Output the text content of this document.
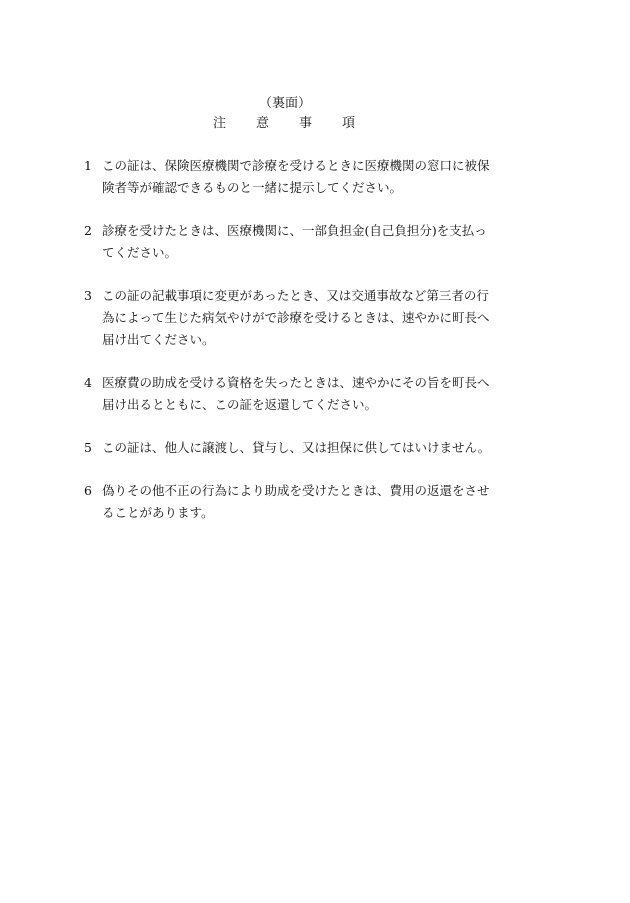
（裏面）
注 意 事 項
1 この証は、保険医療機関で診療を受けるときに医療機関の窓口に被保険者等が確認できるものと一緒に提示してください。
2 診療を受けたときは、医療機関に、一部負担金(自己負担分)を支払ってください。
3 この証の記載事項に変更があったとき、又は交通事故など第三者の行為によって生じた病気やけがで診療を受けるときは、速やかに町長へ届け出てください。
4 医療費の助成を受ける資格を失ったときは、速やかにその旨を町長へ届け出るとともに、この証を返還してください。
5 この証は、他人に譲渡し、貸与し、又は担保に供してはいけません。
6 偽りその他不正の行為により助成を受けたときは、費用の返還をさせることがあります。
